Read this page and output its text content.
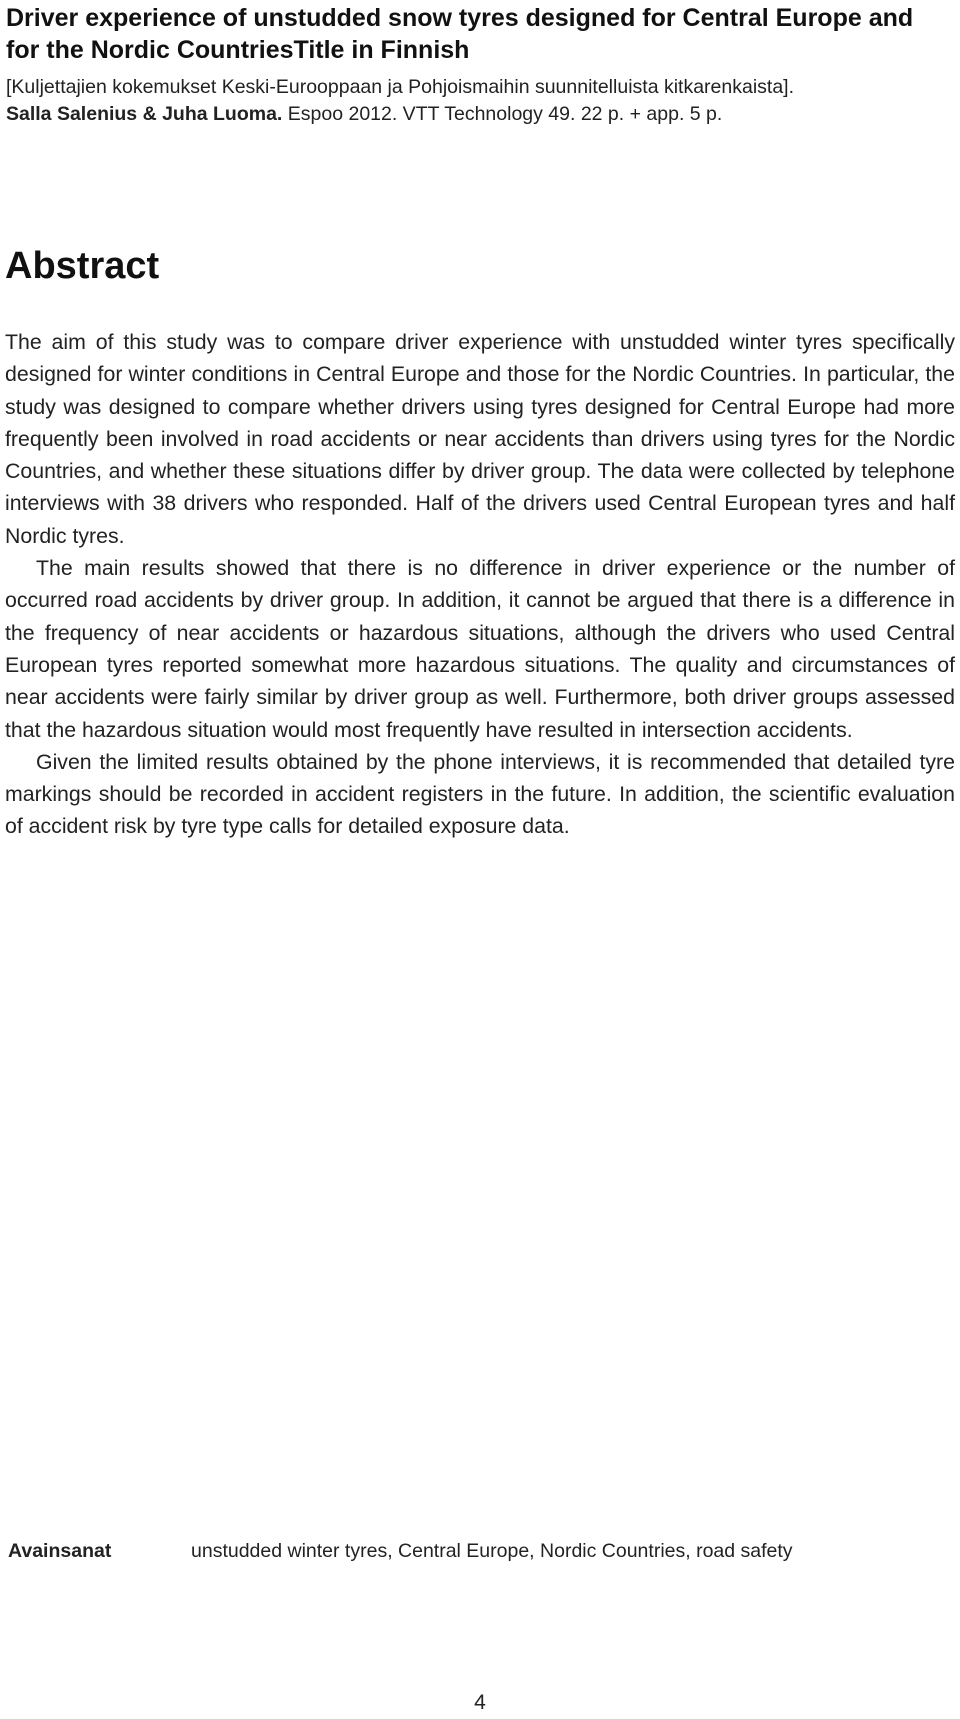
Driver experience of unstudded snow tyres designed for Central Europe and for the Nordic CountriesTitle in Finnish

[Kuljettajien kokemukset Keski-Eurooppaan ja Pohjoismaihin suunnitelluista kitkarenkaista].
Salla Salenius & Juha Luoma. Espoo 2012. VTT Technology 49. 22 p. + app. 5 p.

Abstract

The aim of this study was to compare driver experience with unstudded winter tyres specifically designed for winter conditions in Central Europe and those for the Nordic Countries. In particular, the study was designed to compare whether drivers using tyres designed for Central Europe had more frequently been involved in road accidents or near accidents than drivers using tyres for the Nordic Countries, and whether these situations differ by driver group. The data were collected by telephone interviews with 38 drivers who responded. Half of the drivers used Central European tyres and half Nordic tyres.

The main results showed that there is no difference in driver experience or the number of occurred road accidents by driver group. In addition, it cannot be argued that there is a difference in the frequency of near accidents or hazardous situations, although the drivers who used Central European tyres reported somewhat more hazardous situations. The quality and circumstances of near accidents were fairly similar by driver group as well. Furthermore, both driver groups assessed that the hazardous situation would most frequently have resulted in intersection accidents.

Given the limited results obtained by the phone interviews, it is recommended that detailed tyre markings should be recorded in accident registers in the future. In addition, the scientific evaluation of accident risk by tyre type calls for detailed exposure data.

Avainsanat	unstudded winter tyres, Central Europe, Nordic Countries, road safety
4
